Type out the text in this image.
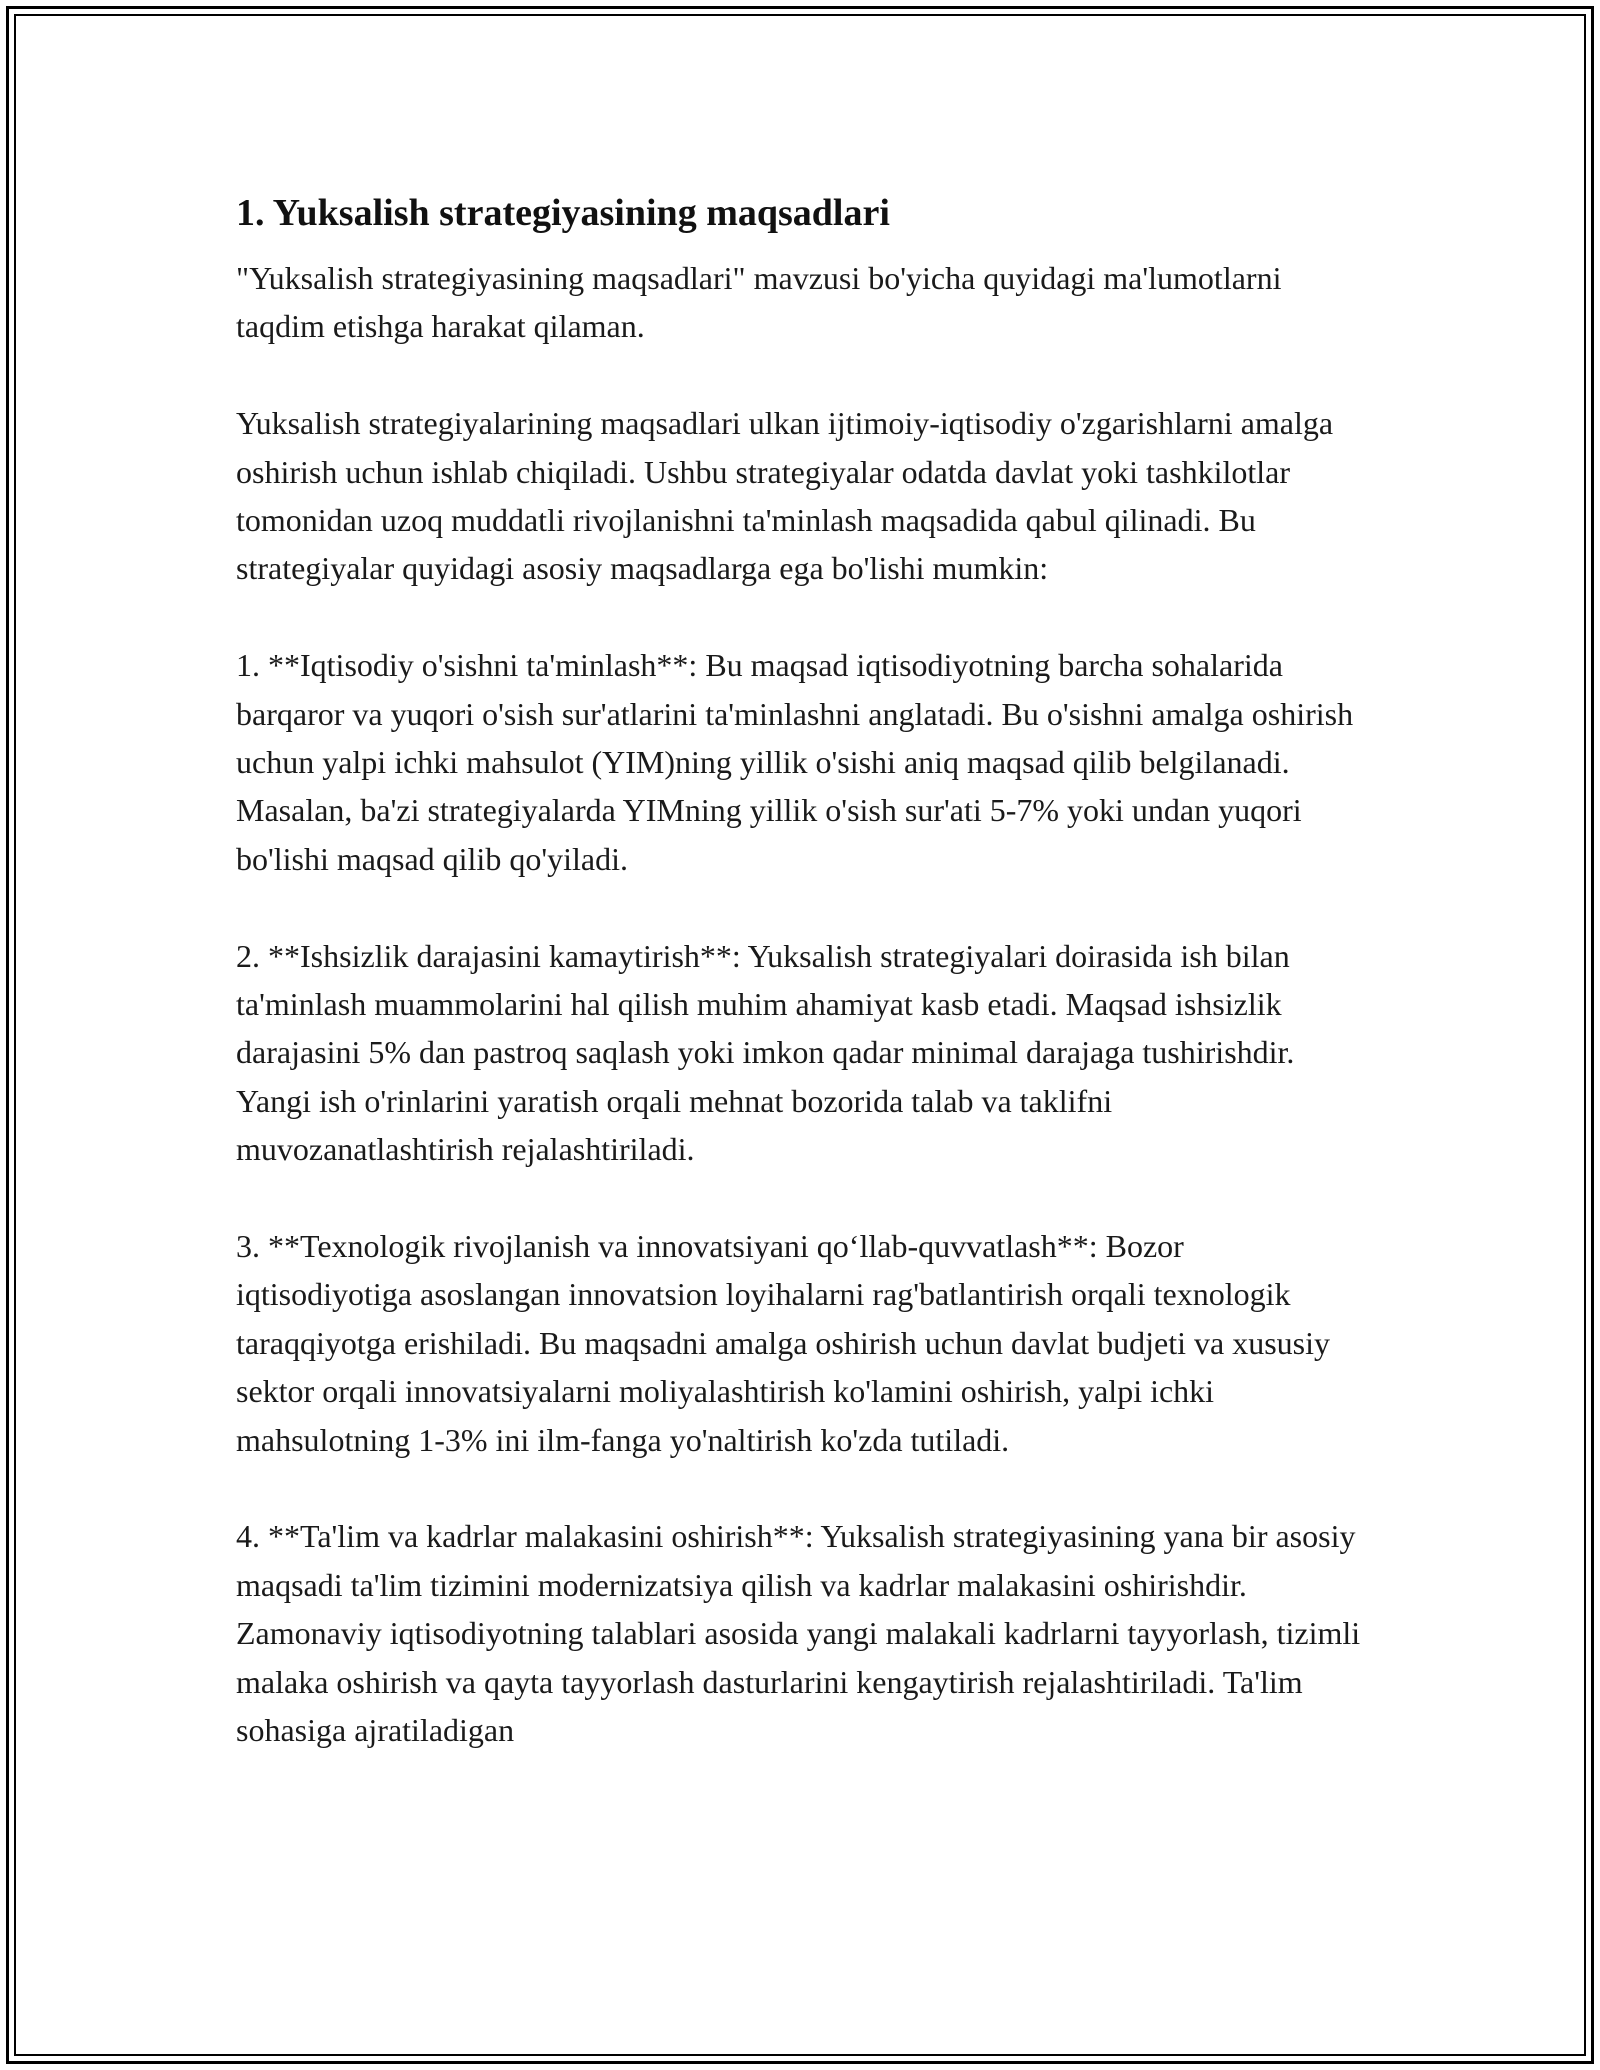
1. Yuksalish strategiyasining maqsadlari

"Yuksalish strategiyasining maqsadlari" mavzusi bo'yicha quyidagi ma'lumotlarni taqdim etishga harakat qilaman.

Yuksalish strategiyalarining maqsadlari ulkan ijtimoiy-iqtisodiy o'zgarishlarni amalga oshirish uchun ishlab chiqiladi. Ushbu strategiyalar odatda davlat yoki tashkilotlar tomonidan uzoq muddatli rivojlanishni ta'minlash maqsadida qabul qilinadi. Bu strategiyalar quyidagi asosiy maqsadlarga ega bo'lishi mumkin:

1. **Iqtisodiy o'sishni ta'minlash**: Bu maqsad iqtisodiyotning barcha sohalarida barqaror va yuqori o'sish sur'atlarini ta'minlashni anglatadi. Bu o'sishni amalga oshirish uchun yalpi ichki mahsulot (YIM)ning yillik o'sishi aniq maqsad qilib belgilanadi. Masalan, ba'zi strategiyalarda YIMning yillik o'sish sur'ati 5-7% yoki undan yuqori bo'lishi maqsad qilib qo'yiladi.

2. **Ishsizlik darajasini kamaytirish**: Yuksalish strategiyalari doirasida ish bilan ta'minlash muammolarini hal qilish muhim ahamiyat kasb etadi. Maqsad ishsizlik darajasini 5% dan pastroq saqlash yoki imkon qadar minimal darajaga tushirishdir. Yangi ish o'rinlarini yaratish orqali mehnat bozorida talab va taklifni muvozanatlashtirish rejalashtiriladi.

3. **Texnologik rivojlanish va innovatsiyani qo‘llab-quvvatlash**: Bozor iqtisodiyotiga asoslangan innovatsion loyihalarni rag'batlantirish orqali texnologik taraqqiyotga erishiladi. Bu maqsadni amalga oshirish uchun davlat budjeti va xususiy sektor orqali innovatsiyalarni moliyalashtirish ko'lamini oshirish, yalpi ichki mahsulotning 1-3% ini ilm-fanga yo'naltirish ko'zda tutiladi.

4. **Ta'lim va kadrlar malakasini oshirish**: Yuksalish strategiyasining yana bir asosiy maqsadi ta'lim tizimini modernizatsiya qilish va kadrlar malakasini oshirishdir. Zamonaviy iqtisodiyotning talablari asosida yangi malakali kadrlarni tayyorlash, tizimli malaka oshirish va qayta tayyorlash dasturlarini kengaytirish rejalashtiriladi. Ta'lim sohasiga ajratiladigan
